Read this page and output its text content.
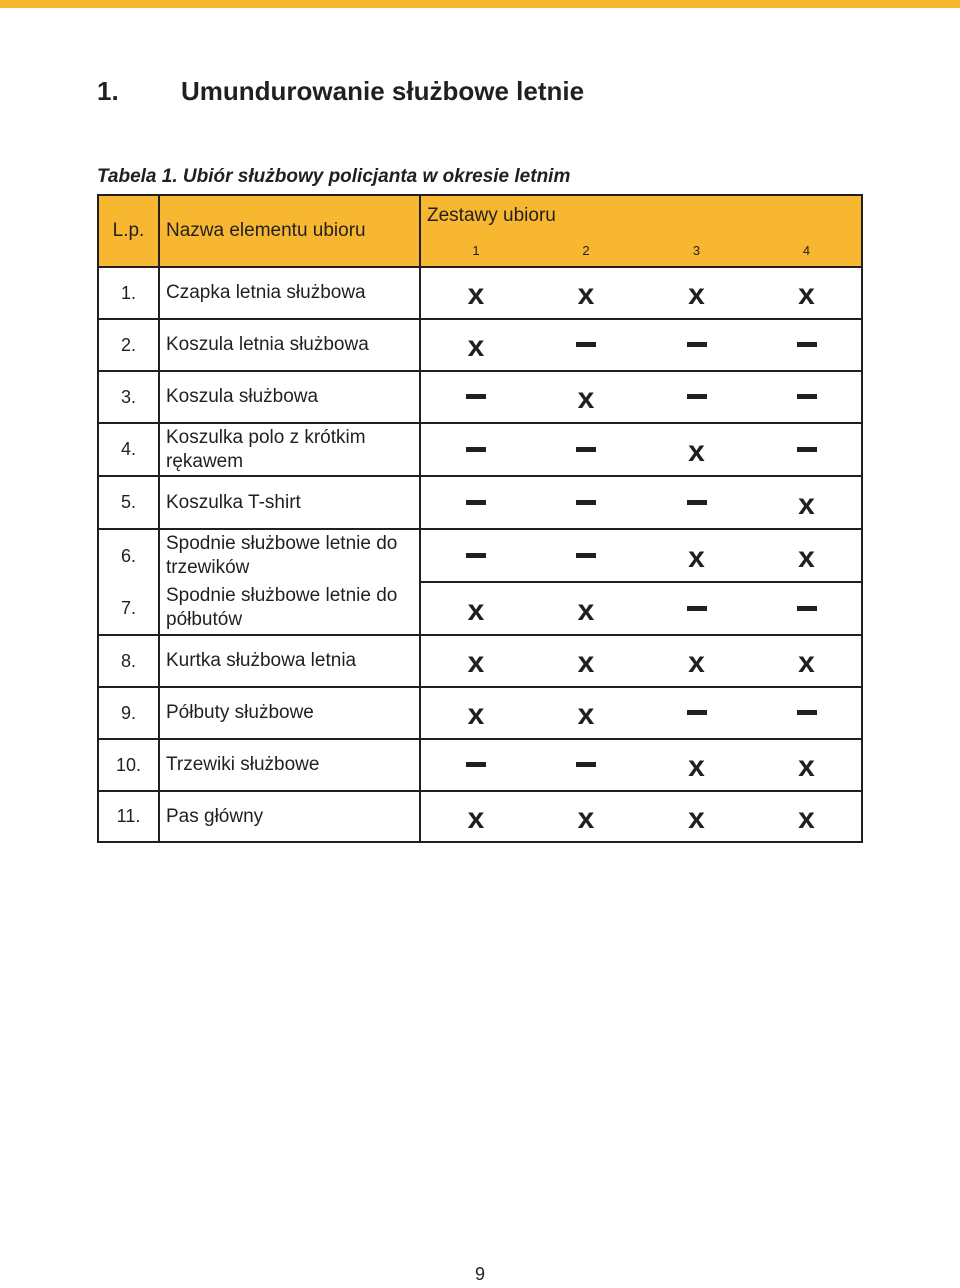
1. Umundurowanie służbowe letnie
Tabela 1. Ubiór służbowy policjanta w okresie letnim
L.p.	Nazwa elementu ubioru	Zestawy ubioru			
		1	2	3	4
1.	Czapka letnia służbowa	x	x	x	x
2.	Koszula letnia służbowa	x			
3.	Koszula służbowa		x		
4.	Koszulka polo z krótkim rękawem			x	
5.	Koszulka T-shirt				x
6.	Spodnie służbowe letnie do trzewików			x	x
7.	Spodnie służbowe letnie do półbutów	x	x		
8.	Kurtka służbowa letnia	x	x	x	x
9.	Półbuty służbowe	x	x		
10.	Trzewiki służbowe			x	x
11.	Pas główny	x	x	x	x
9
